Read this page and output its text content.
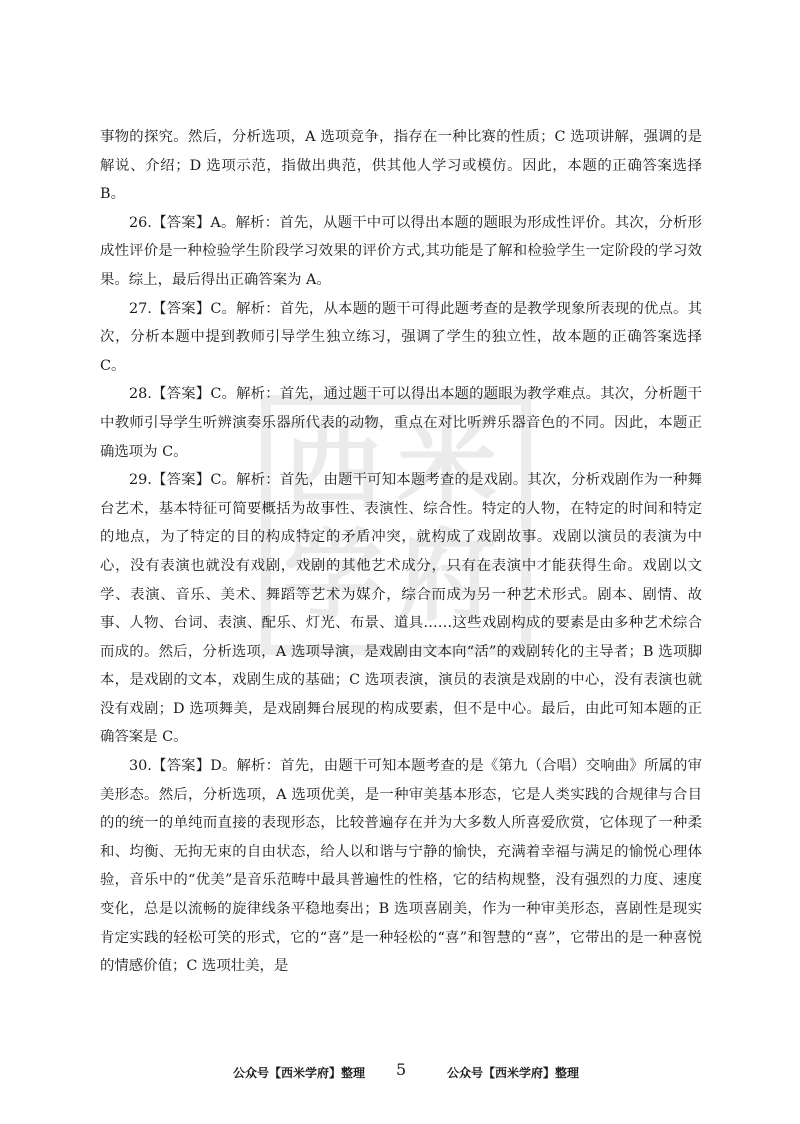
西 米
学 府

事物的探究。然后，分析选项，A 选项竞争，指存在一种比赛的性质；C 选项讲解，强调的是解说、介绍；D 选项示范，指做出典范，供其他人学习或模仿。因此，本题的正确答案选择 B。

26.【答案】A。解析：首先，从题干中可以得出本题的题眼为形成性评价。其次，分析形成性评价是一种检验学生阶段学习效果的评价方式,其功能是了解和检验学生一定阶段的学习效果。综上，最后得出正确答案为 A。

27.【答案】C。解析：首先，从本题的题干可得此题考查的是教学现象所表现的优点。其次，分析本题中提到教师引导学生独立练习，强调了学生的独立性，故本题的正确答案选择 C。

28.【答案】C。解析：首先，通过题干可以得出本题的题眼为教学难点。其次，分析题干中教师引导学生听辨演奏乐器所代表的动物，重点在对比听辨乐器音色的不同。因此，本题正确选项为 C。

29.【答案】C。解析：首先，由题干可知本题考查的是戏剧。其次，分析戏剧作为一种舞台艺术，基本特征可简要概括为故事性、表演性、综合性。特定的人物，在特定的时间和特定的地点，为了特定的目的构成特定的矛盾冲突，就构成了戏剧故事。戏剧以演员的表演为中心，没有表演也就没有戏剧，戏剧的其他艺术成分，只有在表演中才能获得生命。戏剧以文学、表演、音乐、美术、舞蹈等艺术为媒介，综合而成为另一种艺术形式。剧本、剧情、故事、人物、台词、表演、配乐、灯光、布景、道具……这些戏剧构成的要素是由多种艺术综合而成的。然后，分析选项，A 选项导演，是戏剧由文本向“活”的戏剧转化的主导者；B 选项脚本，是戏剧的文本，戏剧生成的基础；C 选项表演，演员的表演是戏剧的中心，没有表演也就没有戏剧；D 选项舞美，是戏剧舞台展现的构成要素，但不是中心。最后，由此可知本题的正确答案是 C。

30.【答案】D。解析：首先，由题干可知本题考查的是《第九（合唱）交响曲》所属的审美形态。然后，分析选项，A 选项优美，是一种审美基本形态，它是人类实践的合规律与合目的的统一的单纯而直接的表现形态，比较普遍存在并为大多数人所喜爱欣赏，它体现了一种柔和、均衡、无拘无束的自由状态，给人以和谐与宁静的愉快，充满着幸福与满足的愉悦心理体验，音乐中的“优美”是音乐范畴中最具普遍性的性格，它的结构规整，没有强烈的力度、速度变化，总是以流畅的旋律线条平稳地奏出；B 选项喜剧美，作为一种审美形态，喜剧性是现实肯定实践的轻松可笑的形式，它的“喜”是一种轻松的“喜”和智慧的“喜”，它带出的是一种喜悦的情感价值；C 选项壮美，是

公众号【西米学府】整理 5	公众号【西米学府】整理
